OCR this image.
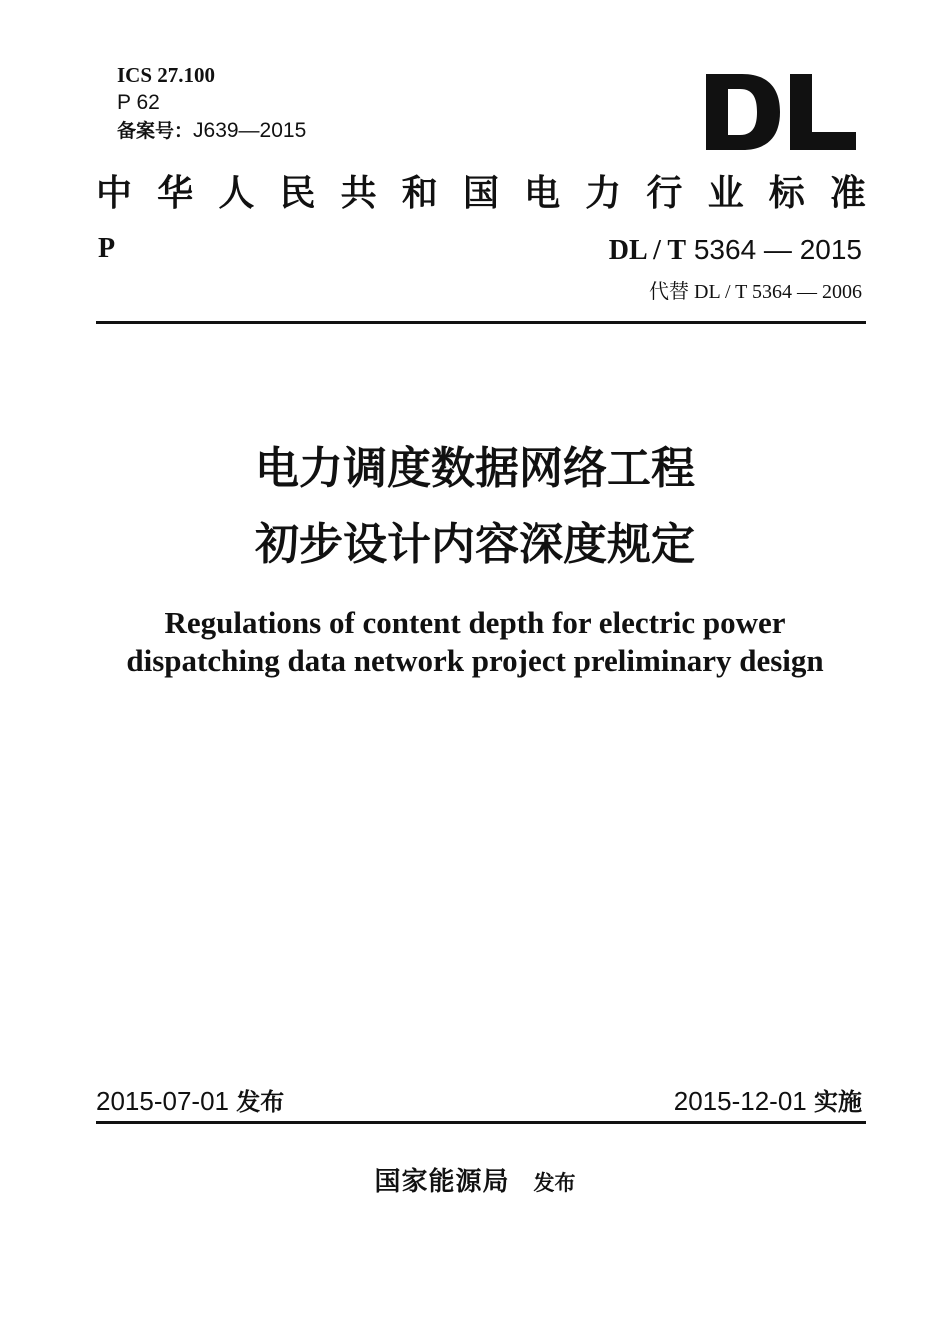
ICS 27.100
P 62
备案号：J639—2015
中 华 人 民 共 和 国 电 力 行 业 标 准
P	DL / T 5364 — 2015
代替 DL / T 5364 — 2006
电力调度数据网络工程
初步设计内容深度规定
Regulations of content depth for electric power
dispatching data network project preliminary design
2015-07-01 发布	2015-12-01 实施
国家能源局 发布
